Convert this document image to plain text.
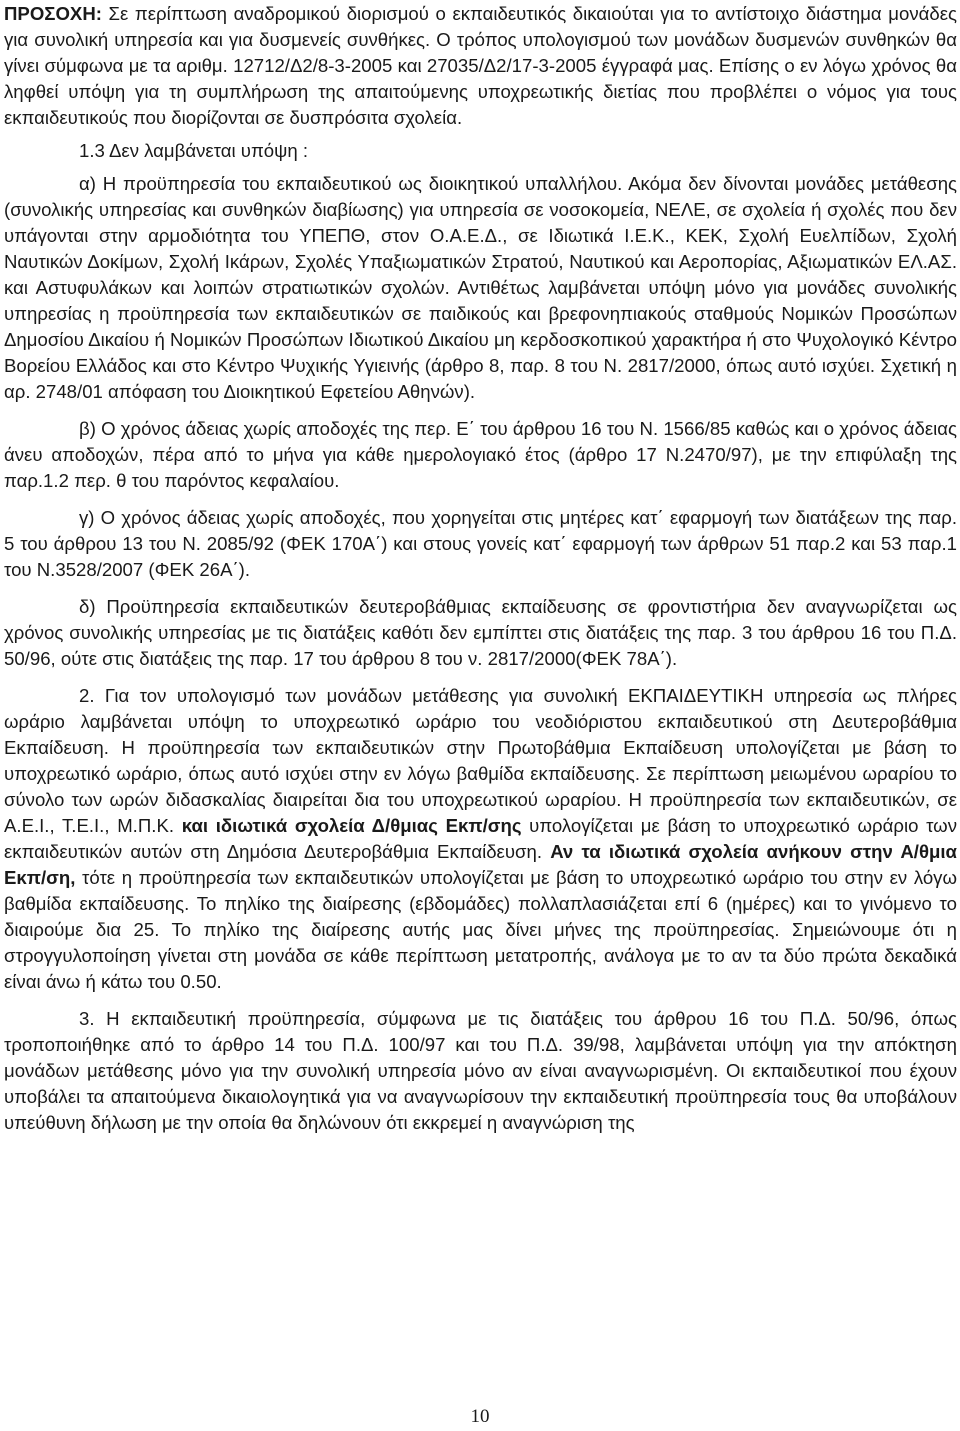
ΠΡΟΣΟΧΗ: Σε περίπτωση αναδρομικού διορισμού ο εκπαιδευτικός δικαιούται για το αντίστοιχο διάστημα μονάδες για συνολική υπηρεσία και για δυσμενείς συνθήκες. Ο τρόπος υπολογισμού των μονάδων δυσμενών συνθηκών θα γίνει σύμφωνα με τα αριθμ. 12712/Δ2/8-3-2005 και 27035/Δ2/17-3-2005 έγγραφά μας. Επίσης ο εν λόγω χρόνος θα ληφθεί υπόψη για τη συμπλήρωση της απαιτούμενης υποχρεωτικής διετίας που προβλέπει ο νόμος για τους εκπαιδευτικούς που διορίζονται σε δυσπρόσιτα σχολεία.

1.3 Δεν λαμβάνεται υπόψη :

α) Η προϋπηρεσία του εκπαιδευτικού ως διοικητικού υπαλλήλου. Ακόμα δεν δίνονται μονάδες μετάθεσης (συνολικής υπηρεσίας και συνθηκών διαβίωσης) για υπηρεσία σε νοσοκομεία, ΝΕΛΕ, σε σχολεία ή σχολές που δεν υπάγονται στην αρμοδιότητα του ΥΠΕΠΘ, στον Ο.Α.Ε.Δ., σε Ιδιωτικά Ι.Ε.Κ., ΚΕΚ, Σχολή Ευελπίδων, Σχολή Ναυτικών Δοκίμων, Σχολή Ικάρων, Σχολές Υπαξιωματικών Στρατού, Ναυτικού και Αεροπορίας, Αξιωματικών ΕΛ.ΑΣ. και Αστυφυλάκων και λοιπών στρατιωτικών σχολών. Αντιθέτως λαμβάνεται υπόψη μόνο για μονάδες συνολικής υπηρεσίας η προϋπηρεσία των εκπαιδευτικών σε παιδικούς και βρεφονηπιακούς σταθμούς Νομικών Προσώπων Δημοσίου Δικαίου ή Νομικών Προσώπων Ιδιωτικού Δικαίου μη κερδοσκοπικού χαρακτήρα ή στο Ψυχολογικό Κέντρο Βορείου Ελλάδος και στο Κέντρο Ψυχικής Υγιεινής (άρθρο 8, παρ. 8 του Ν. 2817/2000, όπως αυτό ισχύει. Σχετική η αρ. 2748/01 απόφαση του Διοικητικού Εφετείου Αθηνών).

β) Ο χρόνος άδειας χωρίς αποδοχές της περ. Ε΄ του άρθρου 16 του Ν. 1566/85 καθώς και ο χρόνος άδειας άνευ αποδοχών, πέρα από το μήνα για κάθε ημερολογιακό έτος (άρθρο 17 Ν.2470/97), με την επιφύλαξη της παρ.1.2 περ. θ του παρόντος κεφαλαίου.

γ) Ο χρόνος άδειας χωρίς αποδοχές, που χορηγείται στις μητέρες κατ΄ εφαρμογή των διατάξεων της παρ. 5 του άρθρου 13 του Ν. 2085/92 (ΦΕΚ 170Α΄) και στους γονείς κατ΄ εφαρμογή των άρθρων 51 παρ.2 και 53 παρ.1 του Ν.3528/2007 (ΦΕΚ 26Α΄).

δ) Προϋπηρεσία εκπαιδευτικών δευτεροβάθμιας εκπαίδευσης σε φροντιστήρια δεν αναγνωρίζεται ως χρόνος συνολικής υπηρεσίας με τις διατάξεις καθότι δεν εμπίπτει στις διατάξεις της παρ. 3 του άρθρου 16 του Π.Δ. 50/96, ούτε στις διατάξεις της παρ. 17 του άρθρου 8 του ν. 2817/2000(ΦΕΚ 78Α΄).

2. Για τον υπολογισμό των μονάδων μετάθεσης για συνολική ΕΚΠΑΙΔΕΥΤΙΚΗ υπηρεσία ως πλήρες ωράριο λαμβάνεται υπόψη το υποχρεωτικό ωράριο του νεοδιόριστου εκπαιδευτικού στη Δευτεροβάθμια Εκπαίδευση. Η προϋπηρεσία των εκπαιδευτικών στην Πρωτοβάθμια Εκπαίδευση υπολογίζεται με βάση το υποχρεωτικό ωράριο, όπως αυτό ισχύει στην εν λόγω βαθμίδα εκπαίδευσης. Σε περίπτωση μειωμένου ωραρίου το σύνολο των ωρών διδασκαλίας διαιρείται δια του υποχρεωτικού ωραρίου. Η προϋπηρεσία των εκπαιδευτικών, σε Α.Ε.Ι., Τ.Ε.Ι., Μ.Π.Κ. και ιδιωτικά σχολεία Δ/θμιας Εκπ/σης υπολογίζεται με βάση το υποχρεωτικό ωράριο των εκπαιδευτικών αυτών στη Δημόσια Δευτεροβάθμια Εκπαίδευση. Αν τα ιδιωτικά σχολεία ανήκουν στην Α/θμια Εκπ/ση, τότε η προϋπηρεσία των εκπαιδευτικών υπολογίζεται με βάση το υποχρεωτικό ωράριο του στην εν λόγω βαθμίδα εκπαίδευσης. Το πηλίκο της διαίρεσης (εβδομάδες) πολλαπλασιάζεται επί 6 (ημέρες) και το γινόμενο το διαιρούμε δια 25. Το πηλίκο της διαίρεσης αυτής μας δίνει μήνες της προϋπηρεσίας. Σημειώνουμε ότι η στρογγυλοποίηση γίνεται στη μονάδα σε κάθε περίπτωση μετατροπής, ανάλογα με το αν τα δύο πρώτα δεκαδικά είναι άνω ή κάτω του 0.50.

3. Η εκπαιδευτική προϋπηρεσία, σύμφωνα με τις διατάξεις του άρθρου 16 του Π.Δ. 50/96, όπως τροποποιήθηκε από το άρθρο 14 του Π.Δ. 100/97 και του Π.Δ. 39/98, λαμβάνεται υπόψη για την απόκτηση μονάδων μετάθεσης μόνο για την συνολική υπηρεσία μόνο αν είναι αναγνωρισμένη. Οι εκπαιδευτικοί που έχουν υποβάλει τα απαιτούμενα δικαιολογητικά για να αναγνωρίσουν την εκπαιδευτική προϋπηρεσία τους θα υποβάλουν υπεύθυνη δήλωση με την οποία θα δηλώνουν ότι εκκρεμεί η αναγνώριση της

10
